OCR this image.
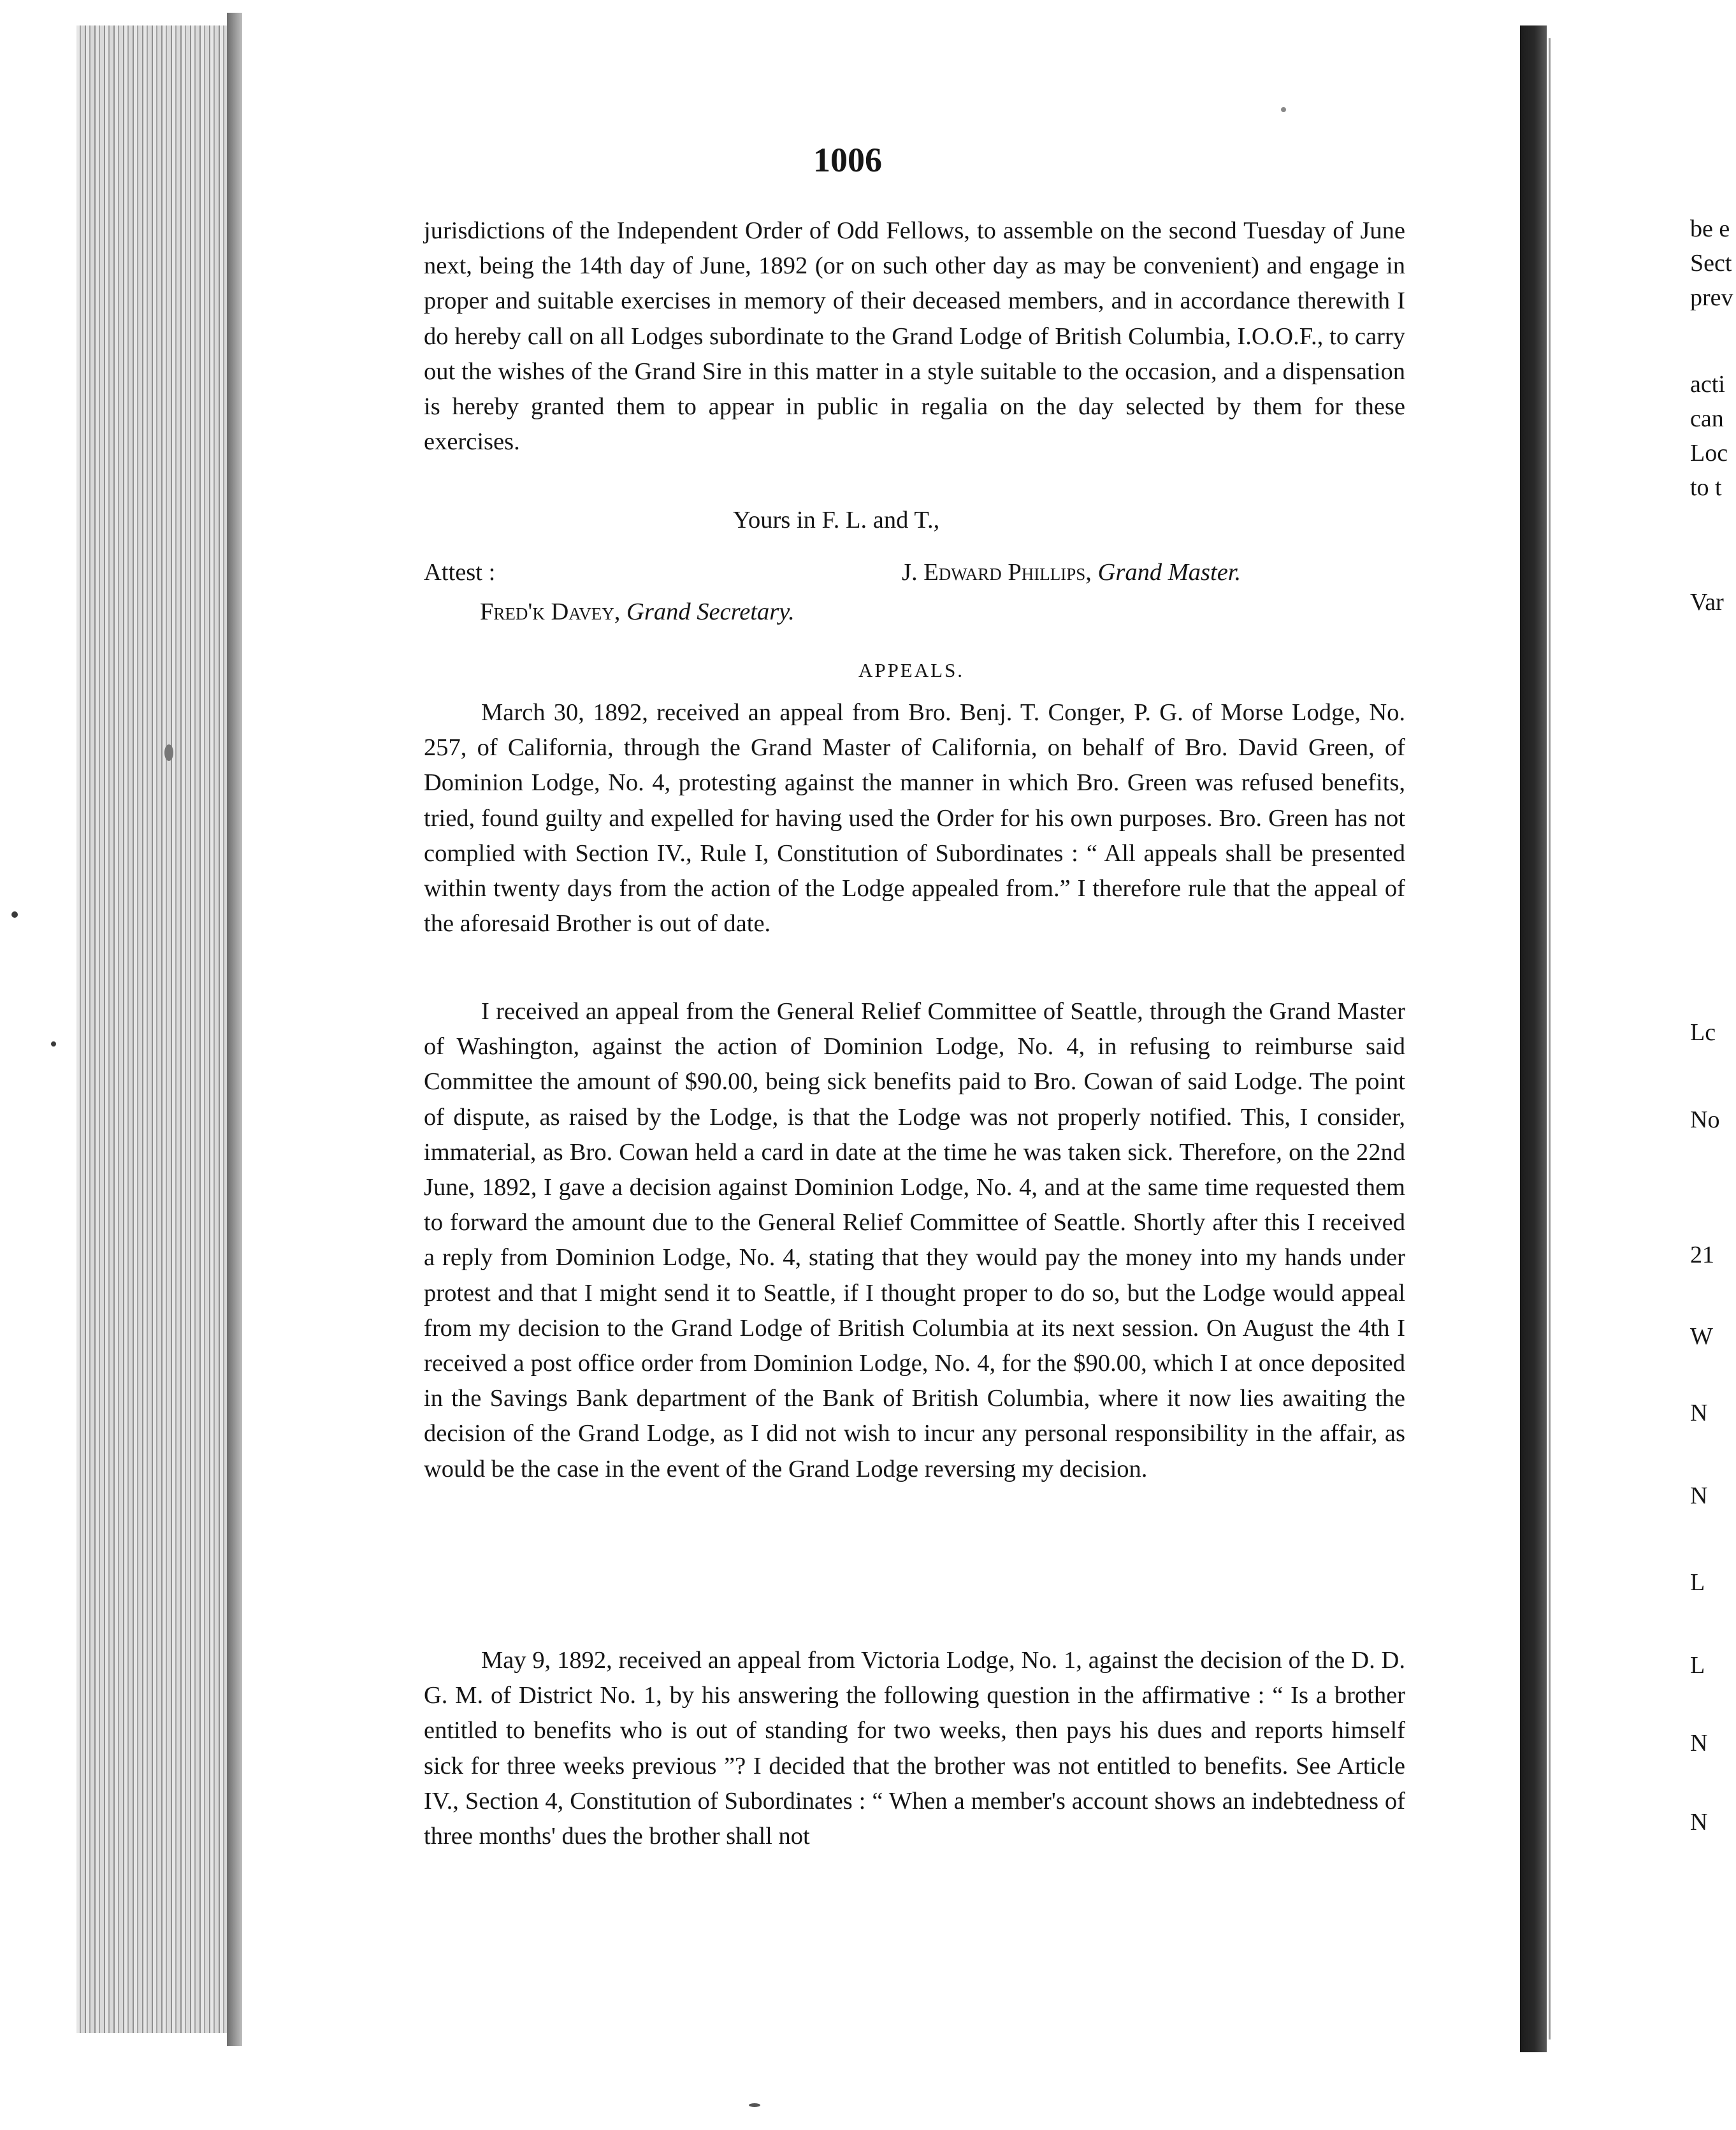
1006
jurisdictions of the Independent Order of Odd Fellows, to assemble on the second Tuesday of June next, being the 14th day of June, 1892 (or on such other day as may be convenient) and engage in proper and suitable exercises in memory of their deceased members, and in accordance therewith I do hereby call on all Lodges subordinate to the Grand Lodge of British Columbia, I.O.O.F., to carry out the wishes of the Grand Sire in this matter in a style suitable to the occasion, and a dispensation is hereby granted them to appear in public in regalia on the day selected by them for these exercises.
Yours in F. L. and T.,
Attest :	J. Edward Phillips, Grand Master.
Fred'k Davey, Grand Secretary.
APPEALS.
March 30, 1892, received an appeal from Bro. Benj. T. Conger, P. G. of Morse Lodge, No. 257, of California, through the Grand Master of California, on behalf of Bro. David Green, of Dominion Lodge, No. 4, protesting against the manner in which Bro. Green was refused benefits, tried, found guilty and expelled for having used the Order for his own purposes. Bro. Green has not complied with Section IV., Rule I, Constitution of Subordinates : “ All appeals shall be presented within twenty days from the action of the Lodge appealed from.” I therefore rule that the appeal of the aforesaid Brother is out of date.
I received an appeal from the General Relief Committee of Seattle, through the Grand Master of Washington, against the action of Dominion Lodge, No. 4, in refusing to reimburse said Committee the amount of $90.00, being sick benefits paid to Bro. Cowan of said Lodge. The point of dispute, as raised by the Lodge, is that the Lodge was not properly notified. This, I consider, immaterial, as Bro. Cowan held a card in date at the time he was taken sick. Therefore, on the 22nd June, 1892, I gave a decision against Dominion Lodge, No. 4, and at the same time requested them to forward the amount due to the General Relief Committee of Seattle. Shortly after this I received a reply from Dominion Lodge, No. 4, stating that they would pay the money into my hands under protest and that I might send it to Seattle, if I thought proper to do so, but the Lodge would appeal from my decision to the Grand Lodge of British Columbia at its next session. On August the 4th I received a post office order from Dominion Lodge, No. 4, for the $90.00, which I at once deposited in the Savings Bank department of the Bank of British Columbia, where it now lies awaiting the decision of the Grand Lodge, as I did not wish to incur any personal responsibility in the affair, as would be the case in the event of the Grand Lodge reversing my decision.
May 9, 1892, received an appeal from Victoria Lodge, No. 1, against the decision of the D. D. G. M. of District No. 1, by his answering the following question in the affirmative : “ Is a brother entitled to benefits who is out of standing for two weeks, then pays his dues and reports himself sick for three weeks previous ”? I decided that the brother was not entitled to benefits. See Article IV., Section 4, Constitution of Subordinates : “ When a member's account shows an indebtedness of three months' dues the brother shall not
be e
Sect
prev
acti
can
Loc
to t
Var
Lc
No
21
W
N
N
L
L
N
N
